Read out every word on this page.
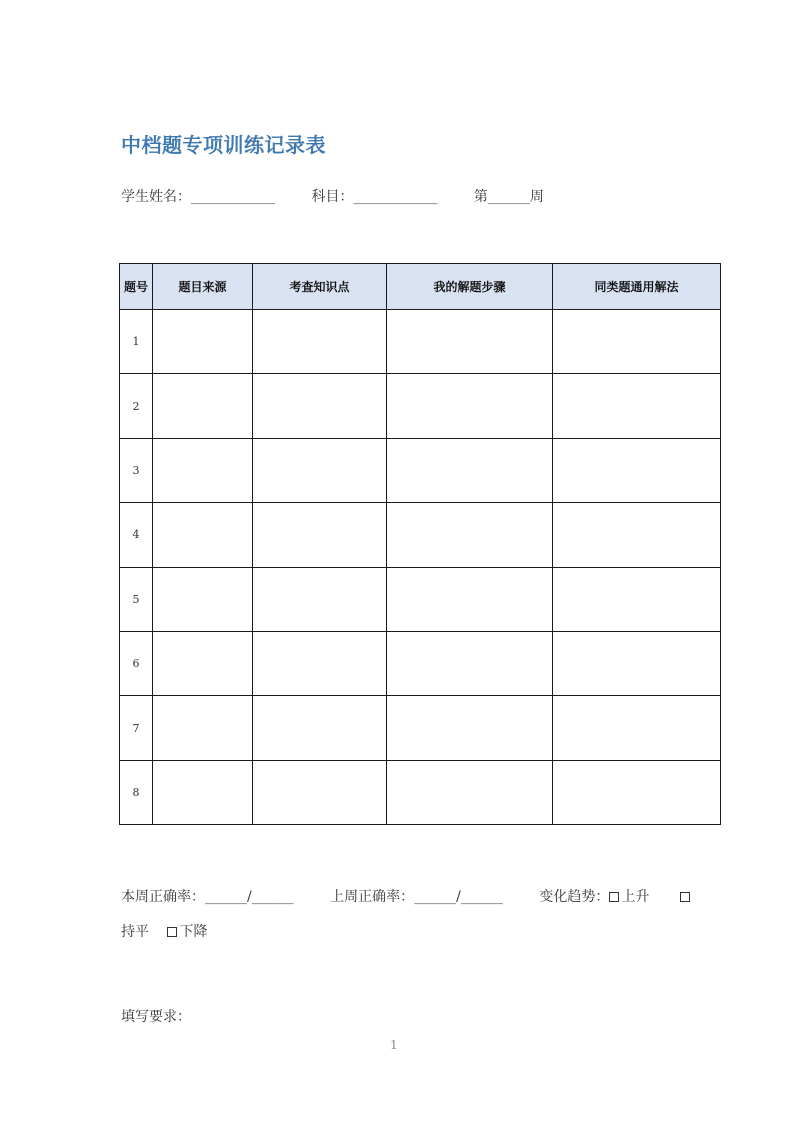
中档题专项训练记录表
学生姓名：____________	科目：____________	第______周
题号	题目来源	考查知识点	我的解题步骤	同类题通用解法
1				
2				
3				
4				
5				
6				
7				
8				
本周正确率：______/______	上周正确率：______/______	变化趋势： 上升
持平 下降
填写要求：
1
